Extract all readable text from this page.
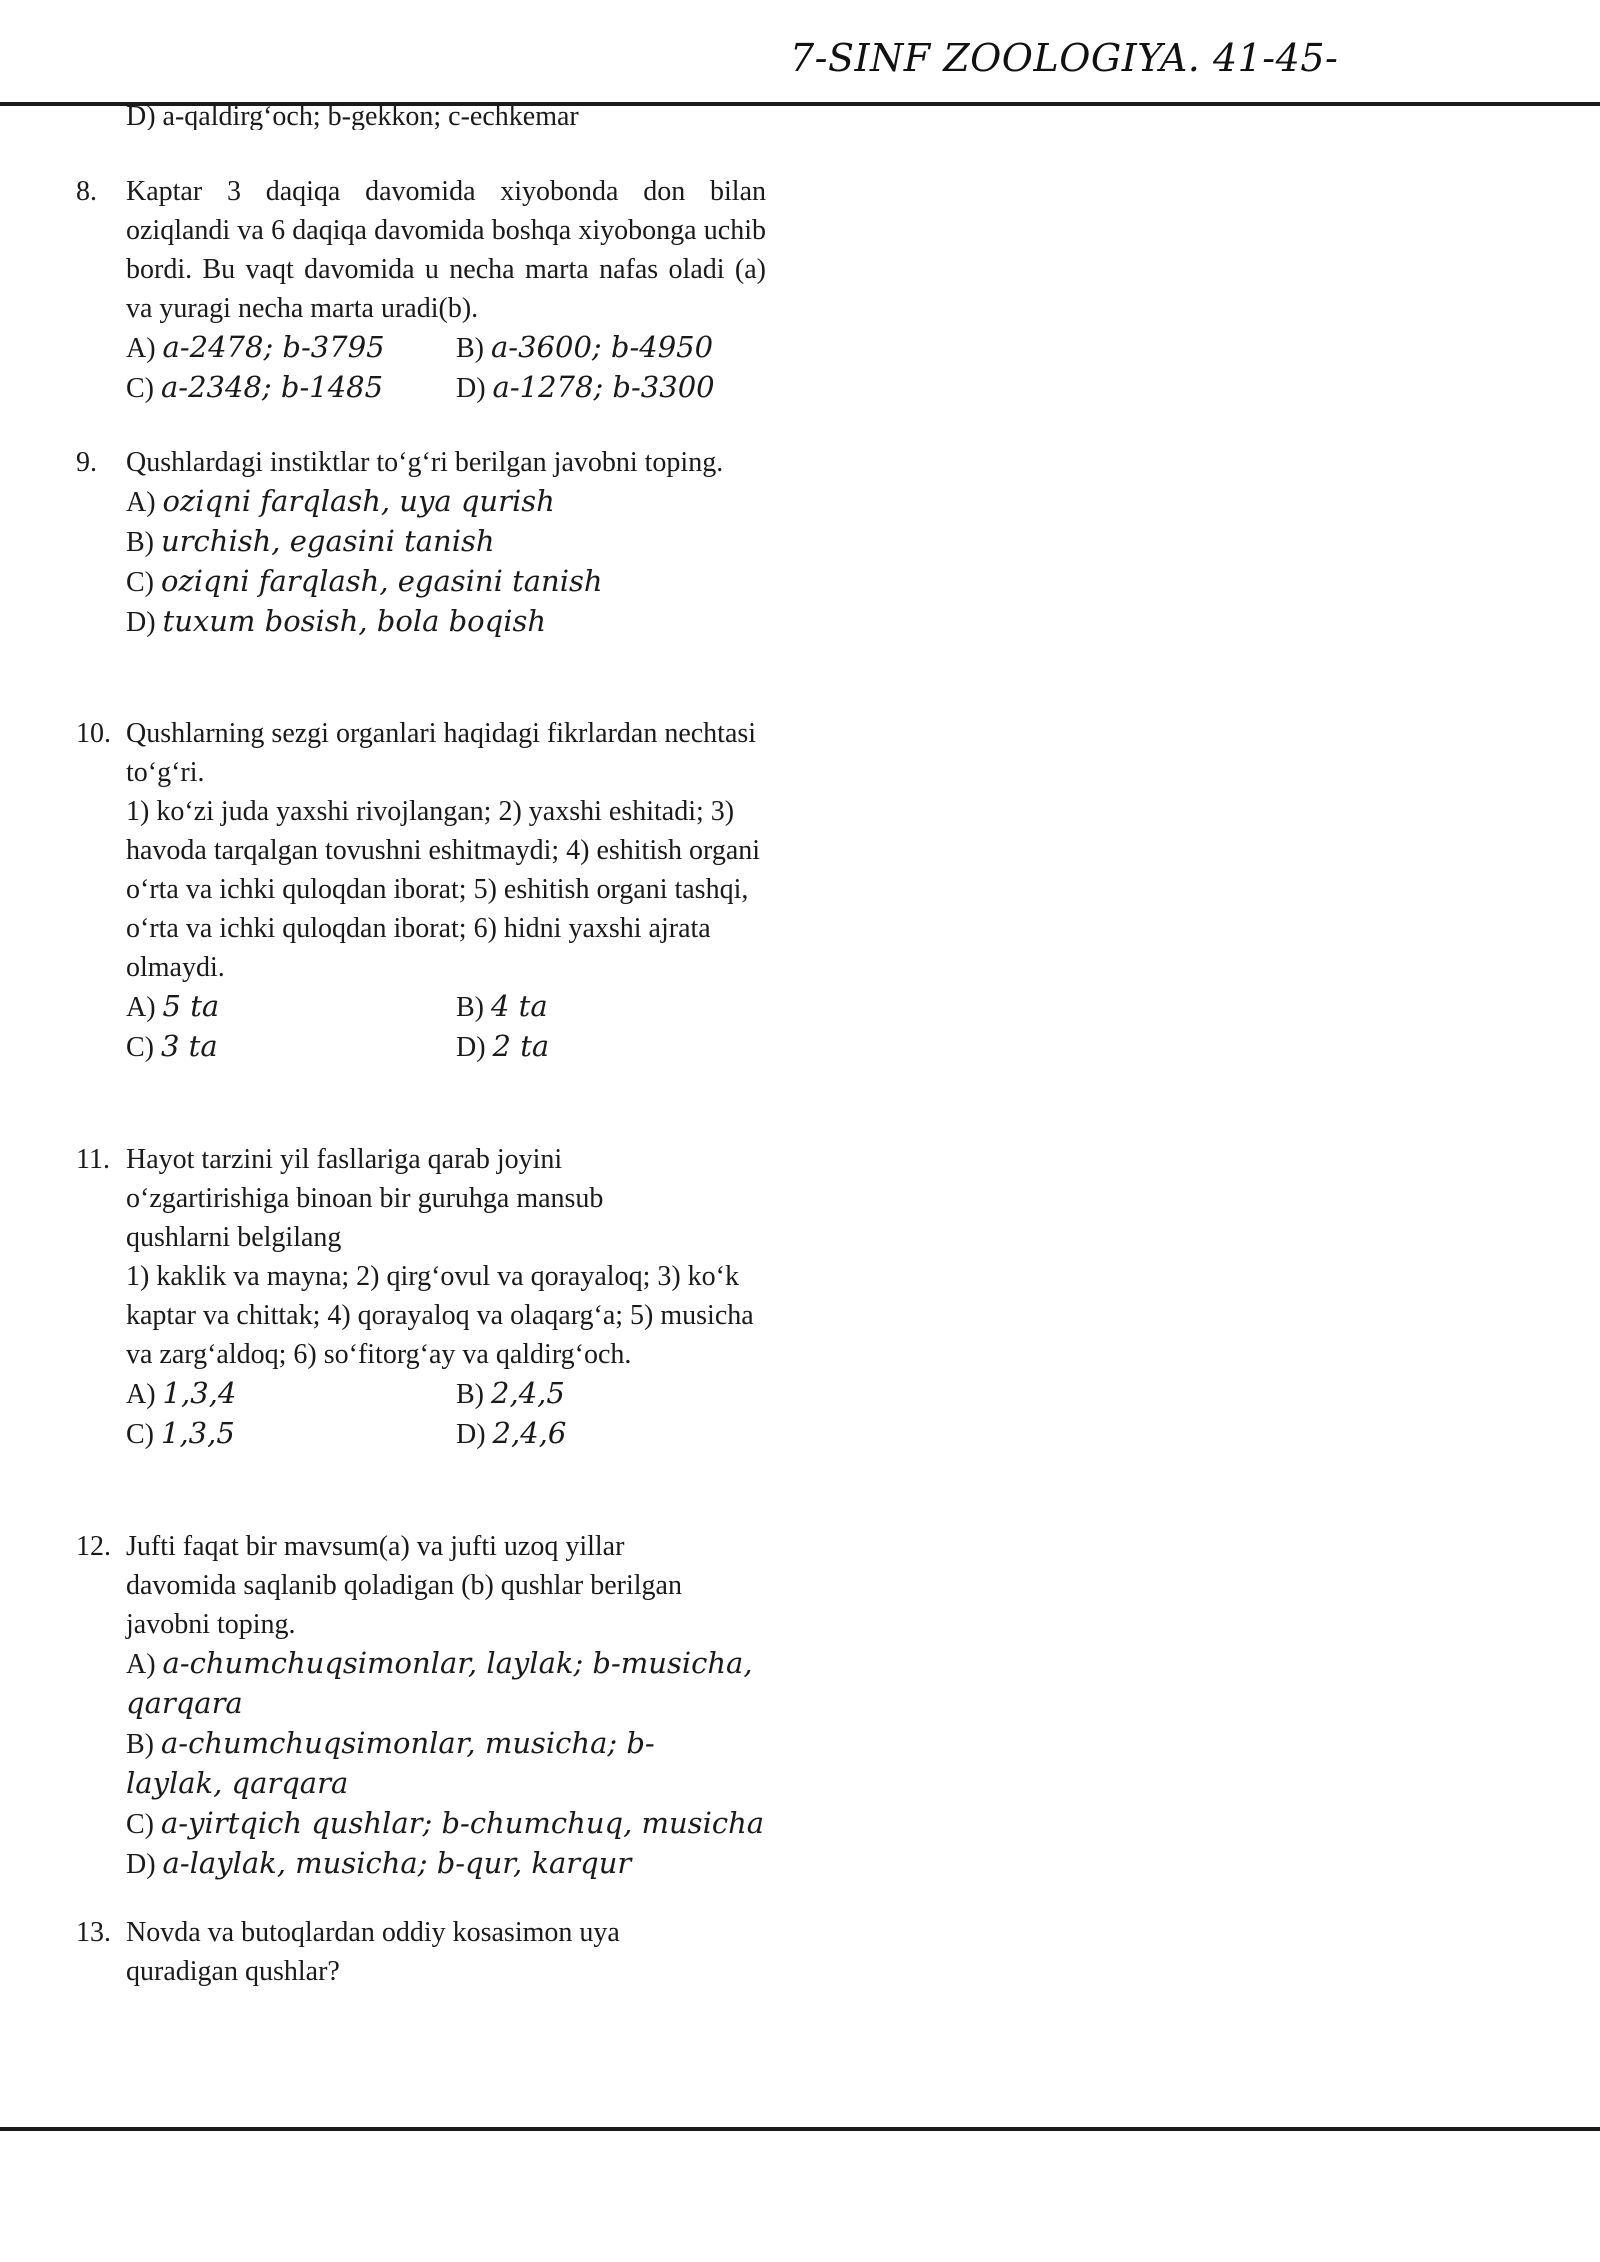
7-SINF ZOOLOGIYA. 41-45-
D) a-qaldirg‘och; b-gekkon; c-echkemar
8. Kaptar 3 daqiqa davomida xiyobonda don bilan oziqlandi va 6 daqiqa davomida boshqa xiyobonga uchib bordi. Bu vaqt davomida u necha marta nafas oladi (a) va yuragi necha marta uradi(b).
A) a-2478; b-3795	B) a-3600; b-4950
C) a-2348; b-1485	D) a-1278; b-3300
9. Qushlardagi instiktlar to‘g‘ri berilgan javobni toping.
A) oziqni farqlash, uya qurish
B) urchish, egasini tanish
C) oziqni farqlash, egasini tanish
D) tuxum bosish, bola boqish
10. Qushlarning sezgi organlari haqidagi fikrlardan nechtasi to‘g‘ri.
1) ko‘zi juda yaxshi rivojlangan; 2) yaxshi eshitadi; 3) havoda tarqalgan tovushni eshitmaydi; 4) eshitish organi o‘rta va ichki quloqdan iborat; 5) eshitish organi tashqi, o‘rta va ichki quloqdan iborat; 6) hidni yaxshi ajrata olmaydi.
A) 5 ta	B) 4 ta
C) 3 ta	D) 2 ta
11. Hayot tarzini yil fasllariga qarab joyini o‘zgartirishiga binoan bir guruhga mansub qushlarni belgilang
1) kaklik va mayna; 2) qirg‘ovul va qorayaloq; 3) ko‘k kaptar va chittak; 4) qorayaloq va olaqarg‘a; 5) musicha va zarg‘aldoq; 6) so‘fitorg‘ay va qaldirg‘och.
A) 1,3,4	B) 2,4,5
C) 1,3,5	D) 2,4,6
12. Jufti faqat bir mavsum(a) va jufti uzoq yillar davomida saqlanib qoladigan (b) qushlar berilgan javobni toping.
A) a-chumchuqsimonlar, laylak; b-musicha, qarqara
B) a-chumchuqsimonlar, musicha; b-laylak, qarqara
C) a-yirtqich qushlar; b-chumchuq, musicha
D) a-laylak, musicha; b-qur, karqur
13. Novda va butoqlardan oddiy kosasimon uya quradigan qushlar?
